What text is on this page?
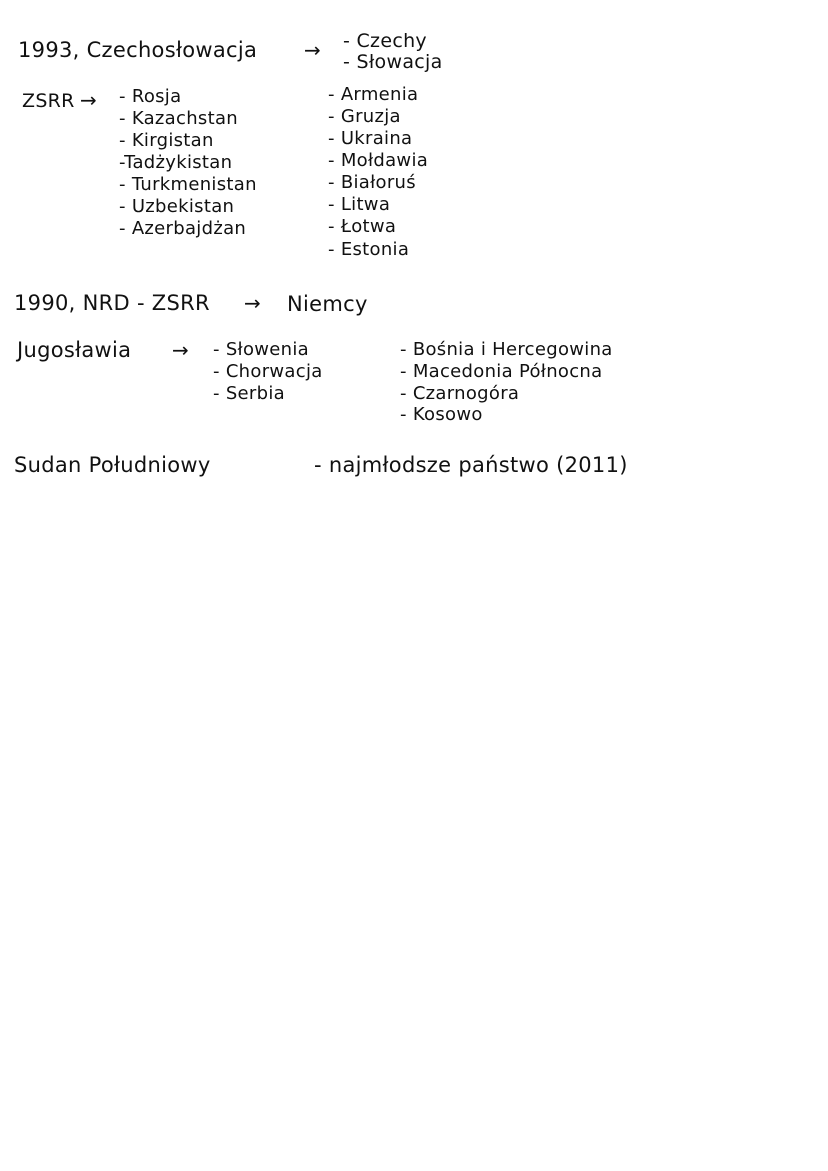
1993, Czechosłowacja → - Czechy
- Słowacja
ZSRR → - Rosja
- Kazachstan
- Kirgistan
-Tadżykistan
- Turkmenistan
- Uzbekistan
- Azerbajdżan
- Armenia
- Gruzja
- Ukraina
- Mołdawia
- Białoruś
- Litwa
- Łotwa
- Estonia
1990, NRD - ZSRR → Niemcy
Jugosławia → - Słowenia
- Chorwacja
- Serbia
- Bośnia i Hercegowina
- Macedonia Północna
- Czarnogóra
- Kosowo
Sudan Południowy	- najmłodsze państwo (2011)
